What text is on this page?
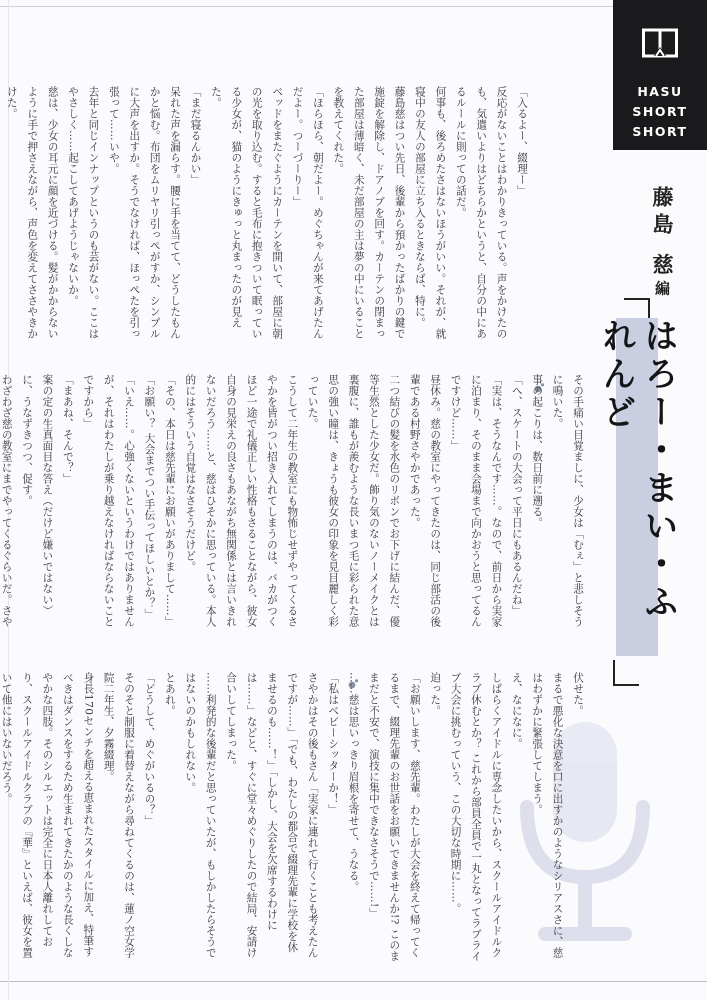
HASU
SHORT
SHORT
藤島 慈編
はろー・まい・ふれんど

「入るよー、綴理ー」

反応がないことはわかりきっている。声をかけたのも、気遣いよりはどちらかというと、自分の中にあるルールに則っての話だ。

何事も、後ろめたさはないほうがいい。それが、就寝中の友人の部屋に立ち入るときならば、特に。

藤島慈はつい先日、後輩から預かったばかりの鍵で施錠を解除し、ドアノブを回す。カーテンの閉まった部屋は薄暗く、未だ部屋の主は夢の中にいることを教えてくれた。

「ほらほら、朝だよー。めぐちゃんが来てあげたんだよー。つーづーりー」

ベッドをまたぐようにカーテンを開いて、部屋に朝の光を取り込む。すると毛布に抱きついて眠っている少女が、猫のようにきゅっと丸まったのが見えた。

「まだ寝るんかい」

呆れた声を漏らす。腰に手を当てて、どうしたもんかと悩む。布団をムリヤリ引っぺがすか、シンプルに大声を出すか。そうでなければ、ほっぺたを引っ張って……いや。

去年と同じインナップというのも芸がない。ここはやさしく……起こしてあげようじゃないか。

慈は、少女の耳元に顔を近づける。髪がかからないように手で押さえながら、声色を変えてささやきかけた。

その手痛い目覚ましに、少女は「むぇ」と悲しそうに鳴いた。

事の起こりは、数日前に遡る。

「へ、スケートの大会って平日にもあるんだね」

「実は、そうなんです……。なので、前日から実家に泊まり、そのまま会場まで向かおうと思ってるんですけど……」

昼休み。慈の教室にやってきたのは、同じ部活の後輩である村野さやかであった。

二つ結びの髪を水色のリボンでお下げに結んだ、優等生然とした少女だ。飾り気のないノーメイクとは裏腹に、誰もが羨むような長いまつ毛に彩られた意思の強い瞳は、きょうも彼女の印象を見目麗しく彩っていた。

こうして二年生の教室にも物怖じせずやってくるさやかを皆がつい招き入れてしまうのは、バカがつくほど一途で礼儀正しい性格もさることながら、彼女自身の見栄えの良さもあながち無関係とは言いきれないだろう……と、慈はひそかに思っている。本人的にはそういう自覚はなさそうだけど。

「その、本日は慈先輩にお願いがありまして……」

「お願い？ 大会までつい手伝ってほしいとか？」

「いえ……。心強くないというわけではありませんが、それはわたしが乗り越えなければならないことですから」

「まあね、そんで？」

案の定の生真面目な答え（だけど嫌いではない）に、うなずきつつ、促す。

わざわざ慈の教室にまでやってくるぐらいだ。さや

伏せた。

まるで悪化な決意を口に出すかのようなシリアスさに、慈はわずかに緊張してしまう。

え、なになに。

しばらくアイドルに専念したいから、スクールアイドルクラブ休むとか？ これから部員全員で一丸となってラブライブ大会に挑むっていう、この大切な時期に……。

迫った。

「お願いします、慈先輩。わたしが大会を終えて帰ってくるまで、綴理先輩のお世話をお願いできませんか!? このままだと不安で、演技に集中できなさそうで……!」

……慈は思いっきり眉根を寄せて、うなる。

「私はベビーシッターか！」

さやかはその後もさん「実家に連れて行くことも考えたんですが……」「でも、わたしの都合で綴理先輩に学校を休ませるのも……！」「しかし、大会を欠席するわけには……」などと、すぐに堂々めぐりしたので結局、安請け合いしてしまった。

……利発的な後輩だと思っていたが、もしかしたらそうではないのかもしれない。

とあれ。

「どうして、めぐがいるの？」

そのそと制服に着替えながら尋ねてくるのは、蓮ノ空女学院二年生、夕霧綴理。

身長170センチを超える恵まれたスタイルに加え、特筆すべきはダンスをするため生まれてきたかのような長くしなやかな四肢。そのシルエットは完全に日本人離れしており、スクールアイドルクラブの『華』といえば、彼女を置いて他にはいないだろう。
